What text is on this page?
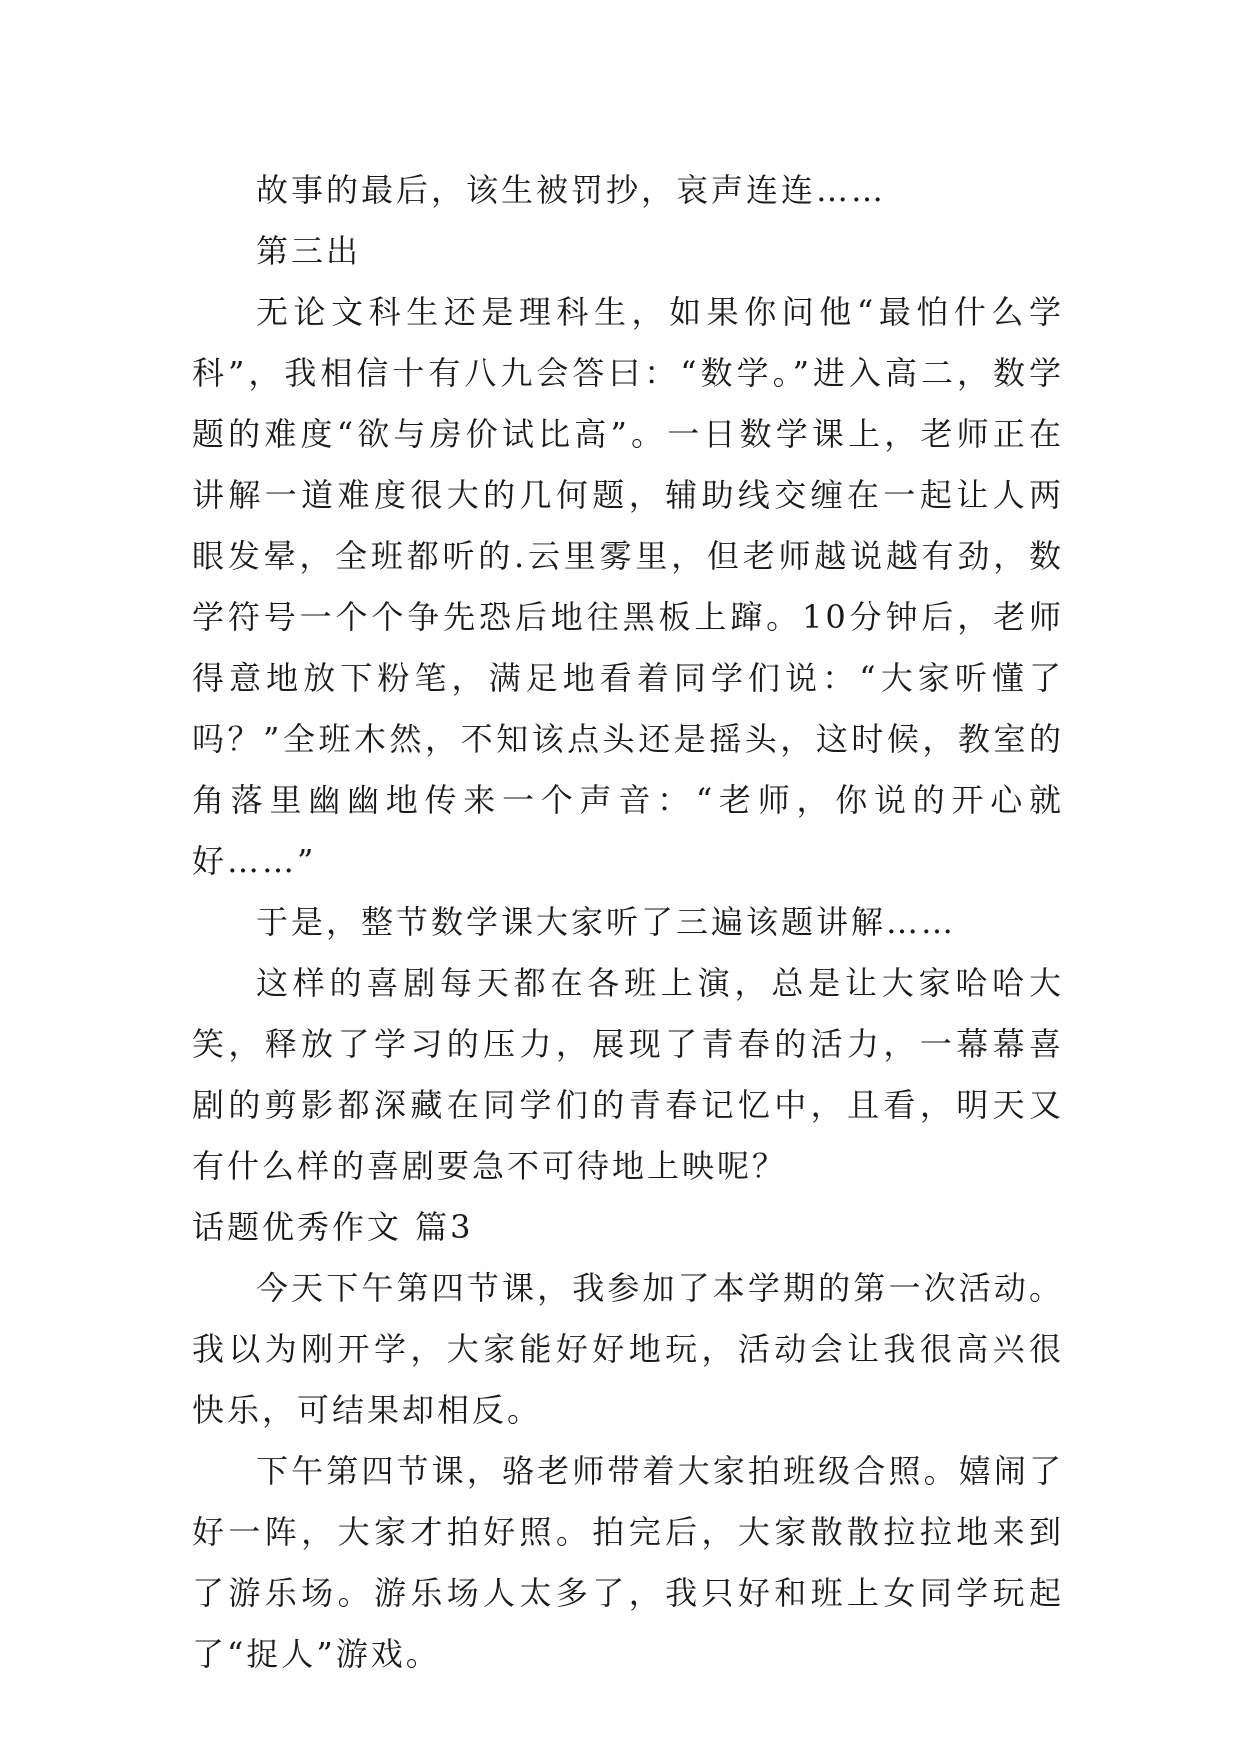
故事的最后，该生被罚抄，哀声连连……

第三出

无论文科生还是理科生，如果你问他“最怕什么学科”，我相信十有八九会答曰：“数学。”进入高二，数学题的难度“欲与房价试比高”。一日数学课上，老师正在讲解一道难度很大的几何题，辅助线交缠在一起让人两眼发晕，全班都听的.云里雾里，但老师越说越有劲，数学符号一个个争先恐后地往黑板上蹿。10分钟后，老师得意地放下粉笔，满足地看着同学们说：“大家听懂了吗？”全班木然，不知该点头还是摇头，这时候，教室的角落里幽幽地传来一个声音：“老师，你说的开心就好……”

于是，整节数学课大家听了三遍该题讲解……

这样的喜剧每天都在各班上演，总是让大家哈哈大笑，释放了学习的压力，展现了青春的活力，一幕幕喜剧的剪影都深藏在同学们的青春记忆中，且看，明天又有什么样的喜剧要急不可待地上映呢？

话题优秀作文 篇3

今天下午第四节课，我参加了本学期的第一次活动。我以为刚开学，大家能好好地玩，活动会让我很高兴很快乐，可结果却相反。

下午第四节课，骆老师带着大家拍班级合照。嬉闹了好一阵，大家才拍好照。拍完后，大家散散拉拉地来到了游乐场。游乐场人太多了，我只好和班上女同学玩起了“捉人”游戏。
